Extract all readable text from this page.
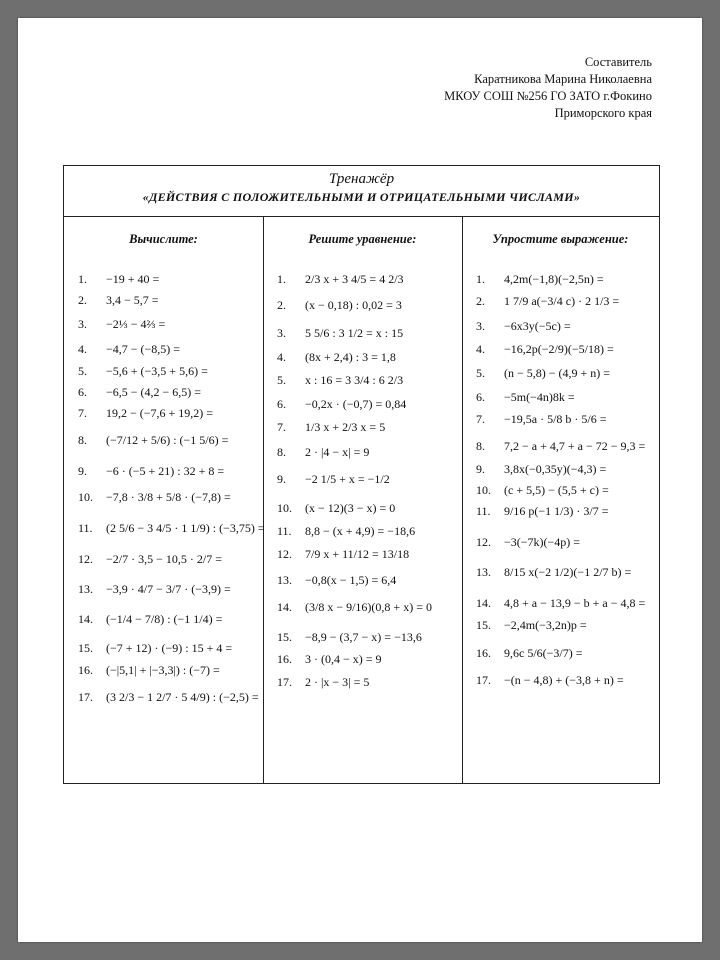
Составитель
Каратникова Марина Николаевна
МКОУ СОШ №256 ГО ЗАТО г.Фокино
Приморского края
Тренажёр
«ДЕЙСТВИЯ С ПОЛОЖИТЕЛЬНЫМИ И ОТРИЦАТЕЛЬНЫМИ ЧИСЛАМИ»
Вычислите:
1.	−19 + 40 =
2.	3,4 − 5,7 =
3.	−2⅓ − 4⅔ =
4.	−4,7 − (−8,5) =
5.	−5,6 + (−3,5 + 5,6) =
6.	−6,5 − (4,2 − 6,5) =
7.	19,2 − (−7,6 + 19,2) =
8.	(−7/12 + 5/6) : (−1 5/6) =
9.	−6 · (−5 + 21) : 32 + 8 =
10. −7,8 · 3/8 + 5/8 · (−7,8) =
11. (2 5/6 − 3 4/5 · 1 1/9) : (−3,75) =
12. −2/7 · 3,5 − 10,5 · 2/7 =
13. −3,9 · 4/7 − 3/7 · (−3,9) =
14. (−1/4 − 7/8) : (−1 1/4) =
15. (−7 + 12) · (−9) : 15 + 4 =
16. (−|5,1| + |−3,3|) : (−7) =
17. (3 2/3 − 1 2/7 · 5 4/9) : (−2,5) =
Решите уравнение:
1.	2/3 x + 3 4/5 = 4 2/3
2.	(x − 0,18) : 0,02 = 3
3.	5 5/6 : 3 1/2 = x : 15
4.	(8x + 2,4) : 3 = 1,8
5.	x : 16 = 3 3/4 : 6 2/3
6.	−0,2x · (−0,7) = 0,84
7.	1/3 x + 2/3 x = 5
8.	2 · |4 − x| = 9
9.	−2 1/5 + x = −1/2
10. (x − 12)(3 − x) = 0
11. 8,8 − (x + 4,9) = −18,6
12. 7/9 x + 11/12 = 13/18
13. −0,8(x − 1,5) = 6,4
14. (3/8 x − 9/16)(0,8 + x) = 0
15. −8,9 − (3,7 − x) = −13,6
16. 3 · (0,4 − x) = 9
17. 2 · |x − 3| = 5
Упростите выражение:
1.	4,2m(−1,8)(−2,5n) =
2.	1 7/9 a(−3/4 c) · 2 1/3 =
3.	−6x3y(−5c) =
4.	−16,2p(−2/9)(−5/18) =
5.	(n − 5,8) − (4,9 + n) =
6.	−5m(−4n)8k =
7.	−19,5a · 5/8 b · 5/6 =
8.	7,2 − a + 4,7 + a − 72 − 9,3 =
9.	3,8x(−0,35y)(−4,3) =
10. (c + 5,5) − (5,5 + c) =
11. 9/16 p(−1 1/3) · 3/7 =
12. −3(−7k)(−4p) =
13. 8/15 x(−2 1/2)(−1 2/7 b) =
14. 4,8 + a − 13,9 − b + a − 4,8 =
15. −2,4m(−3,2n)p =
16. 9,6c 5/6(−3/7) =
17. −(n − 4,8) + (−3,8 + n) =
